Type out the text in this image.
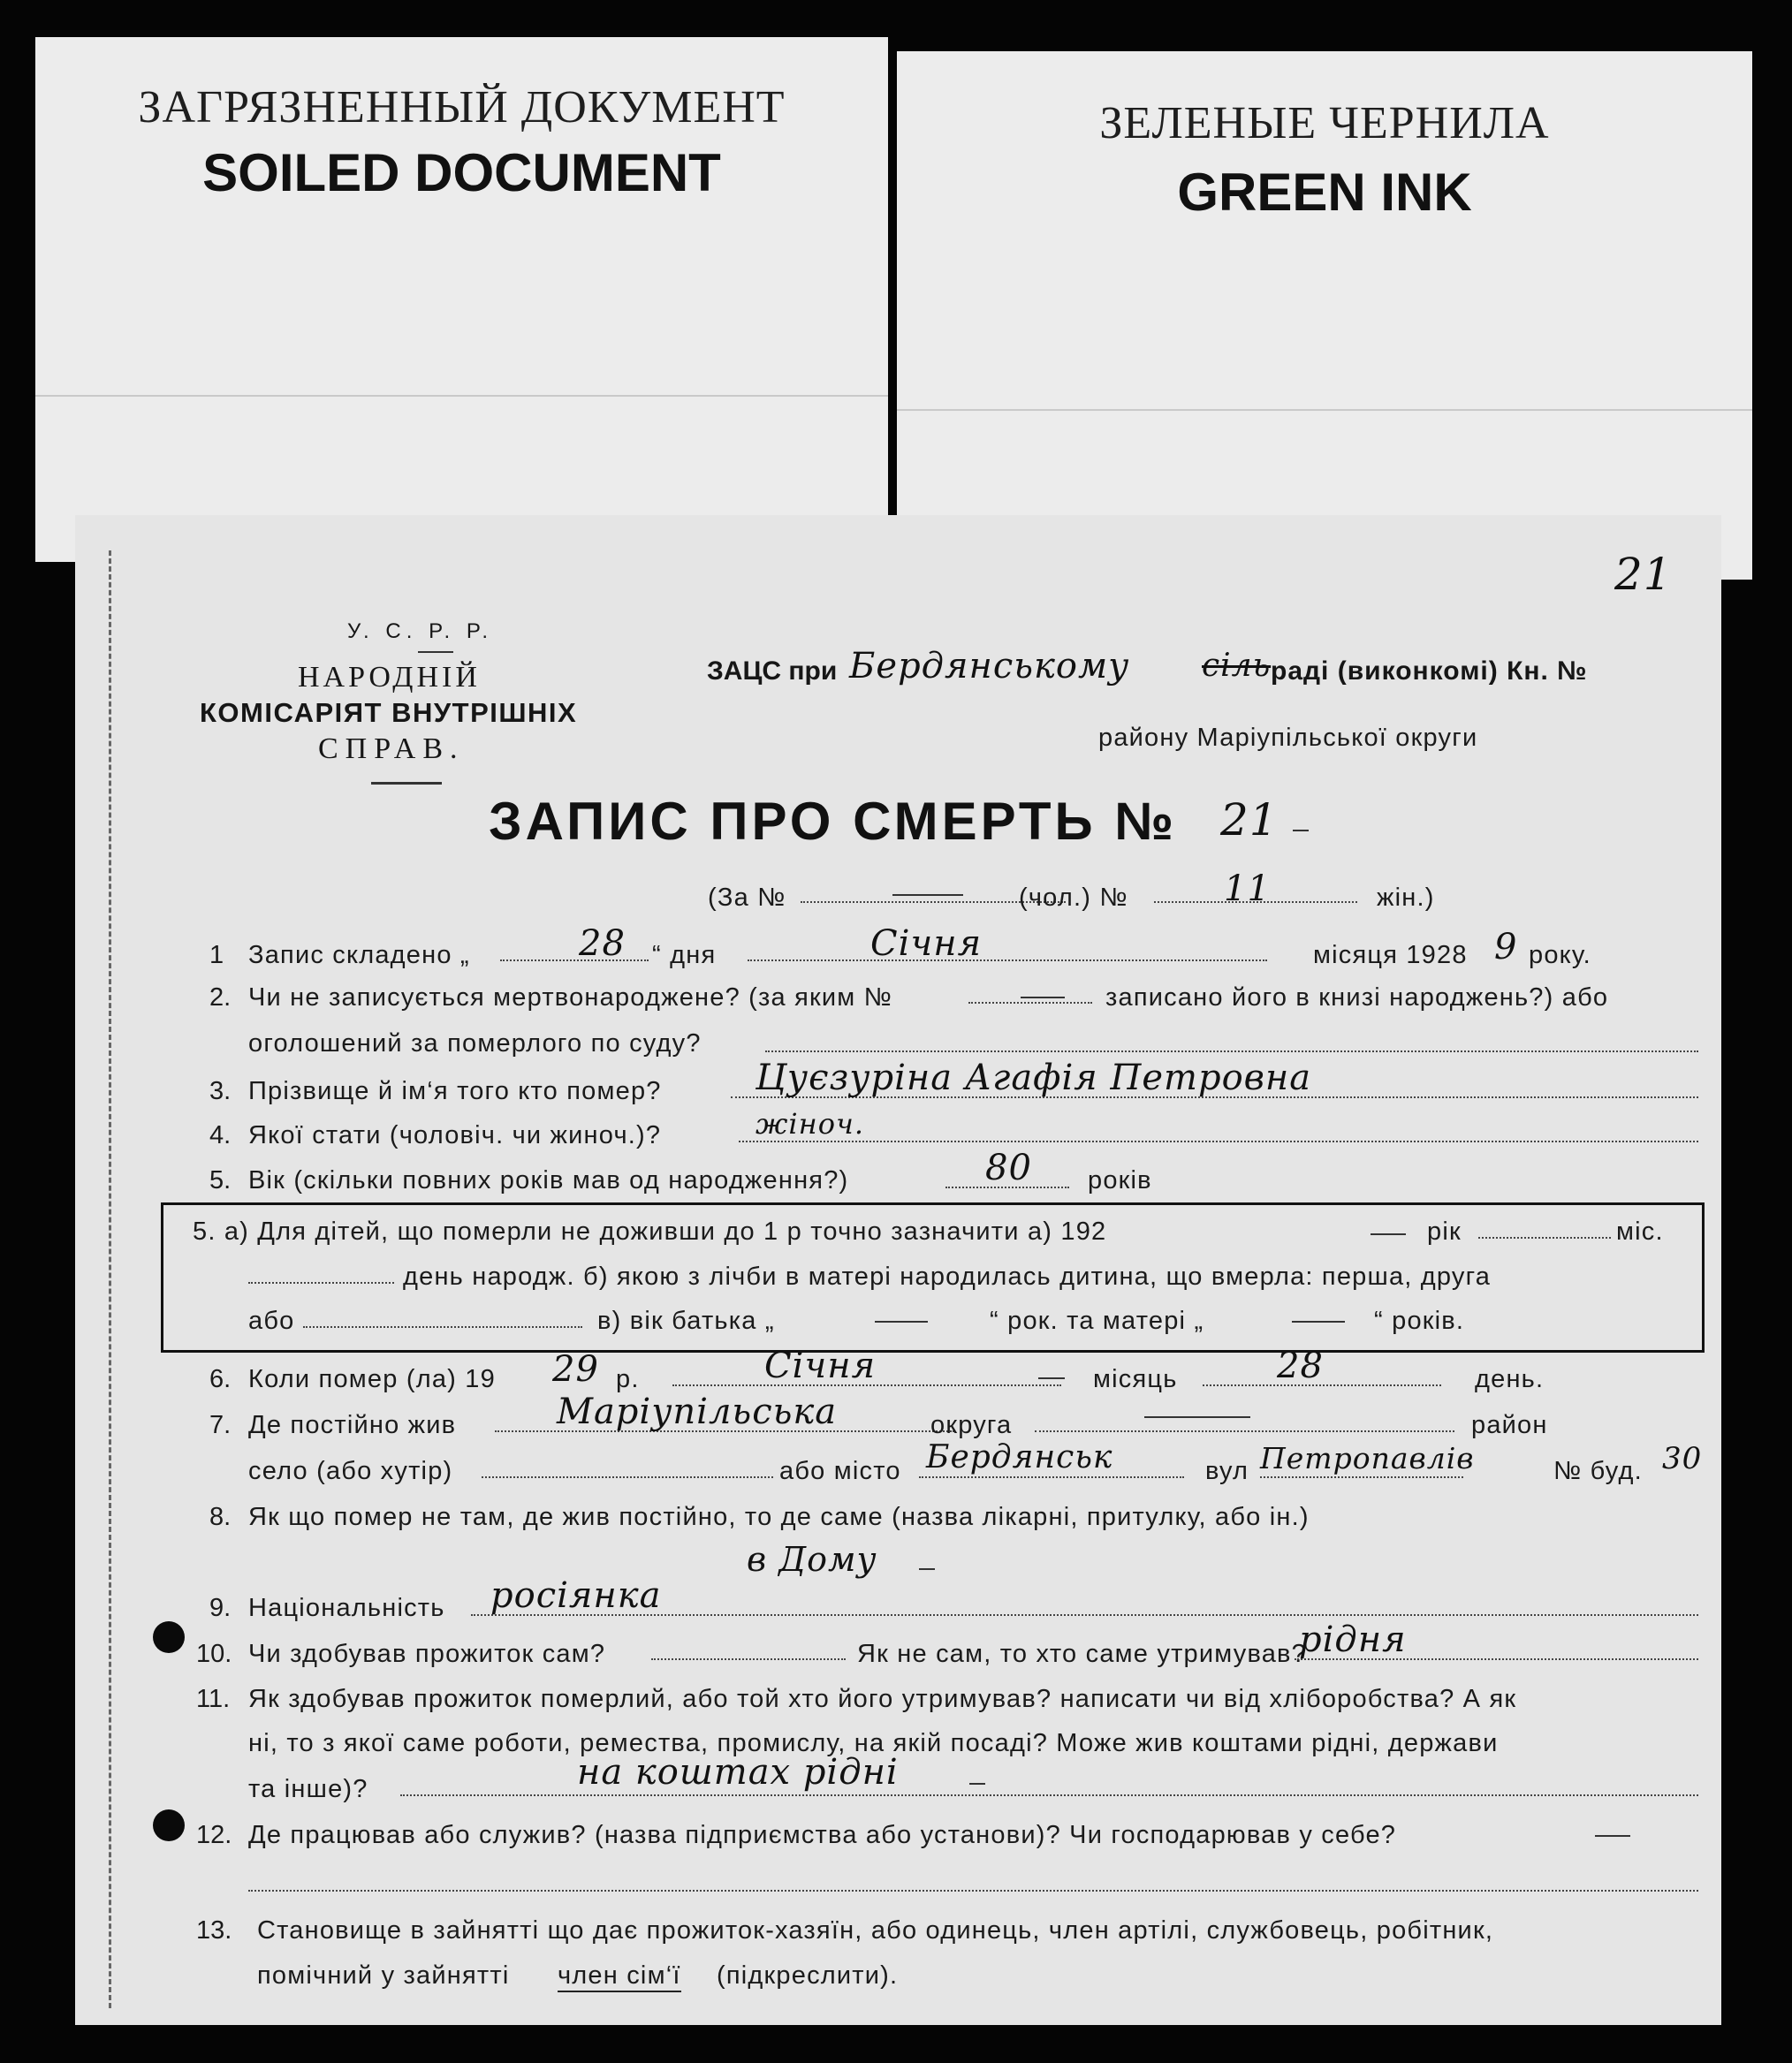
ЗАГРЯЗНЕННЫЙ ДОКУМЕНТ
SOILED DOCUMENT
ЗЕЛЕНЫЕ ЧЕРНИЛА
GREEN INK
21
У. С. Р. Р.
НАРОДНІЙ
КОМІСАРІЯТ ВНУТРІШНІХ
СПРАВ.
ЗАЦС при Бердянському сіль раді (виконкомі) Кн. №
району Маріупільської округи
ЗАПИС ПРО СМЕРТЬ № 21
(За №	(чол.) №	11	жін.)
1 Запис складено „	28 “ дня	Січня	місяця 1928 9 року.
2. Чи не записується мертвонароджене? (за яким №	записано його в книзі народжень?) або
оголошений за померлого по суду?
3. Прізвище й ім‘я того кто помер?	Цуєзуріна Агафія Петровна
4. Якої стати (чоловіч. чи жиноч.)?	жіноч.
5. Вік (скільки повних років мав од народження?)	80 років
5. а) Для дітей, що померли не доживши до 1 р точно зазначити а) 192	рік	міс.
день народж. б) якою з лічби в матері народилась дитина, що вмерла: перша, друга
або	в) вік батька „	“ рок. та матері „	“ років.
6. Коли помер (ла) 19 29 р.	Січня	місяць	28	день.
7. Де постійно жив	Маріупільська	округа	район
село (або хутір)	або місто Бердянськ	вул Петропавлів	№ буд. 30
8. Як що помер не там, де жив постійно, то де саме (назва лікарні, притулку, або ін.)
в Дому
9. Національність росіянка
10. Чи здобував прожиток сам?	Як не сам, то хто саме утримував?
рідня
11. Як здобував прожиток померлий, або той хто його утримував? написати чи від хліборобства? А як
ні, то з якої саме роботи, ремества, промислу, на якій посаді? Може жив коштами рідні, держави
та інше)?	на коштах рідні
12. Де працював або служив? (назва підприємства або установи)? Чи господарював у себе?
13. Становище в зайнятті що дає прожиток-хазяїн, або одинець, член артілі, службовець, робітник,
помічний у зайнятті член сім‘ї (підкреслити).
